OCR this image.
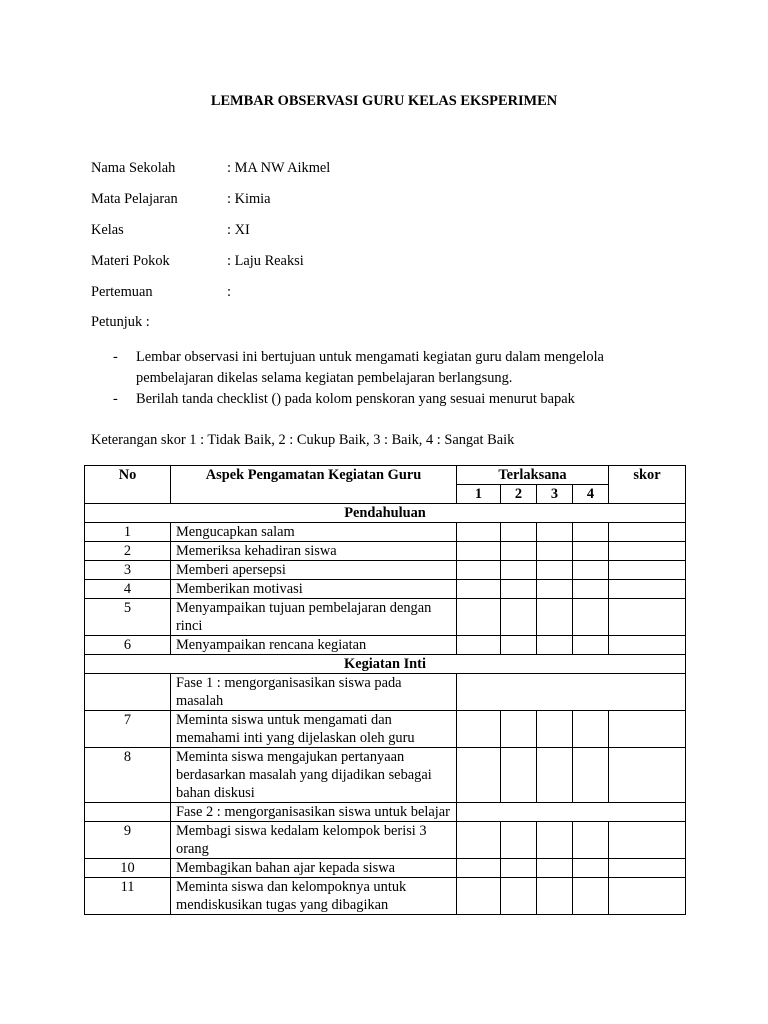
LEMBAR OBSERVASI GURU KELAS EKSPERIMEN
Nama Sekolah	: MA NW Aikmel
Mata Pelajaran	: Kimia
Kelas	: XI
Materi Pokok	: Laju Reaksi
Pertemuan	:
Petunjuk :
- Lembar observasi ini bertujuan untuk mengamati kegiatan guru dalam mengelola pembelajaran dikelas selama kegiatan pembelajaran berlangsung.
- Berilah tanda checklist () pada kolom penskoran yang sesuai menurut bapak
Keterangan skor 1 : Tidak Baik, 2 : Cukup Baik, 3 : Baik, 4 : Sangat Baik
No	Aspek Pengamatan Kegiatan Guru	Terlaksana				skor
		1	2	3	4	
Pendahuluan						
1	Mengucapkan salam					
2	Memeriksa kehadiran siswa					
3	Memberi apersepsi					
4	Memberikan motivasi					
5	Menyampaikan tujuan pembelajaran dengan rinci					
6	Menyampaikan rencana kegiatan					
Kegiatan Inti						
	Fase 1 : mengorganisasikan siswa pada masalah					
7	Meminta siswa untuk mengamati dan memahami inti yang dijelaskan oleh guru					
8	Meminta siswa mengajukan pertanyaan berdasarkan masalah yang dijadikan sebagai bahan diskusi					
	Fase 2 : mengorganisasikan siswa untuk belajar					
9	Membagi siswa kedalam kelompok berisi 3 orang					
10	Membagikan bahan ajar kepada siswa					
11	Meminta siswa dan kelompoknya untuk mendiskusikan tugas yang dibagikan					
